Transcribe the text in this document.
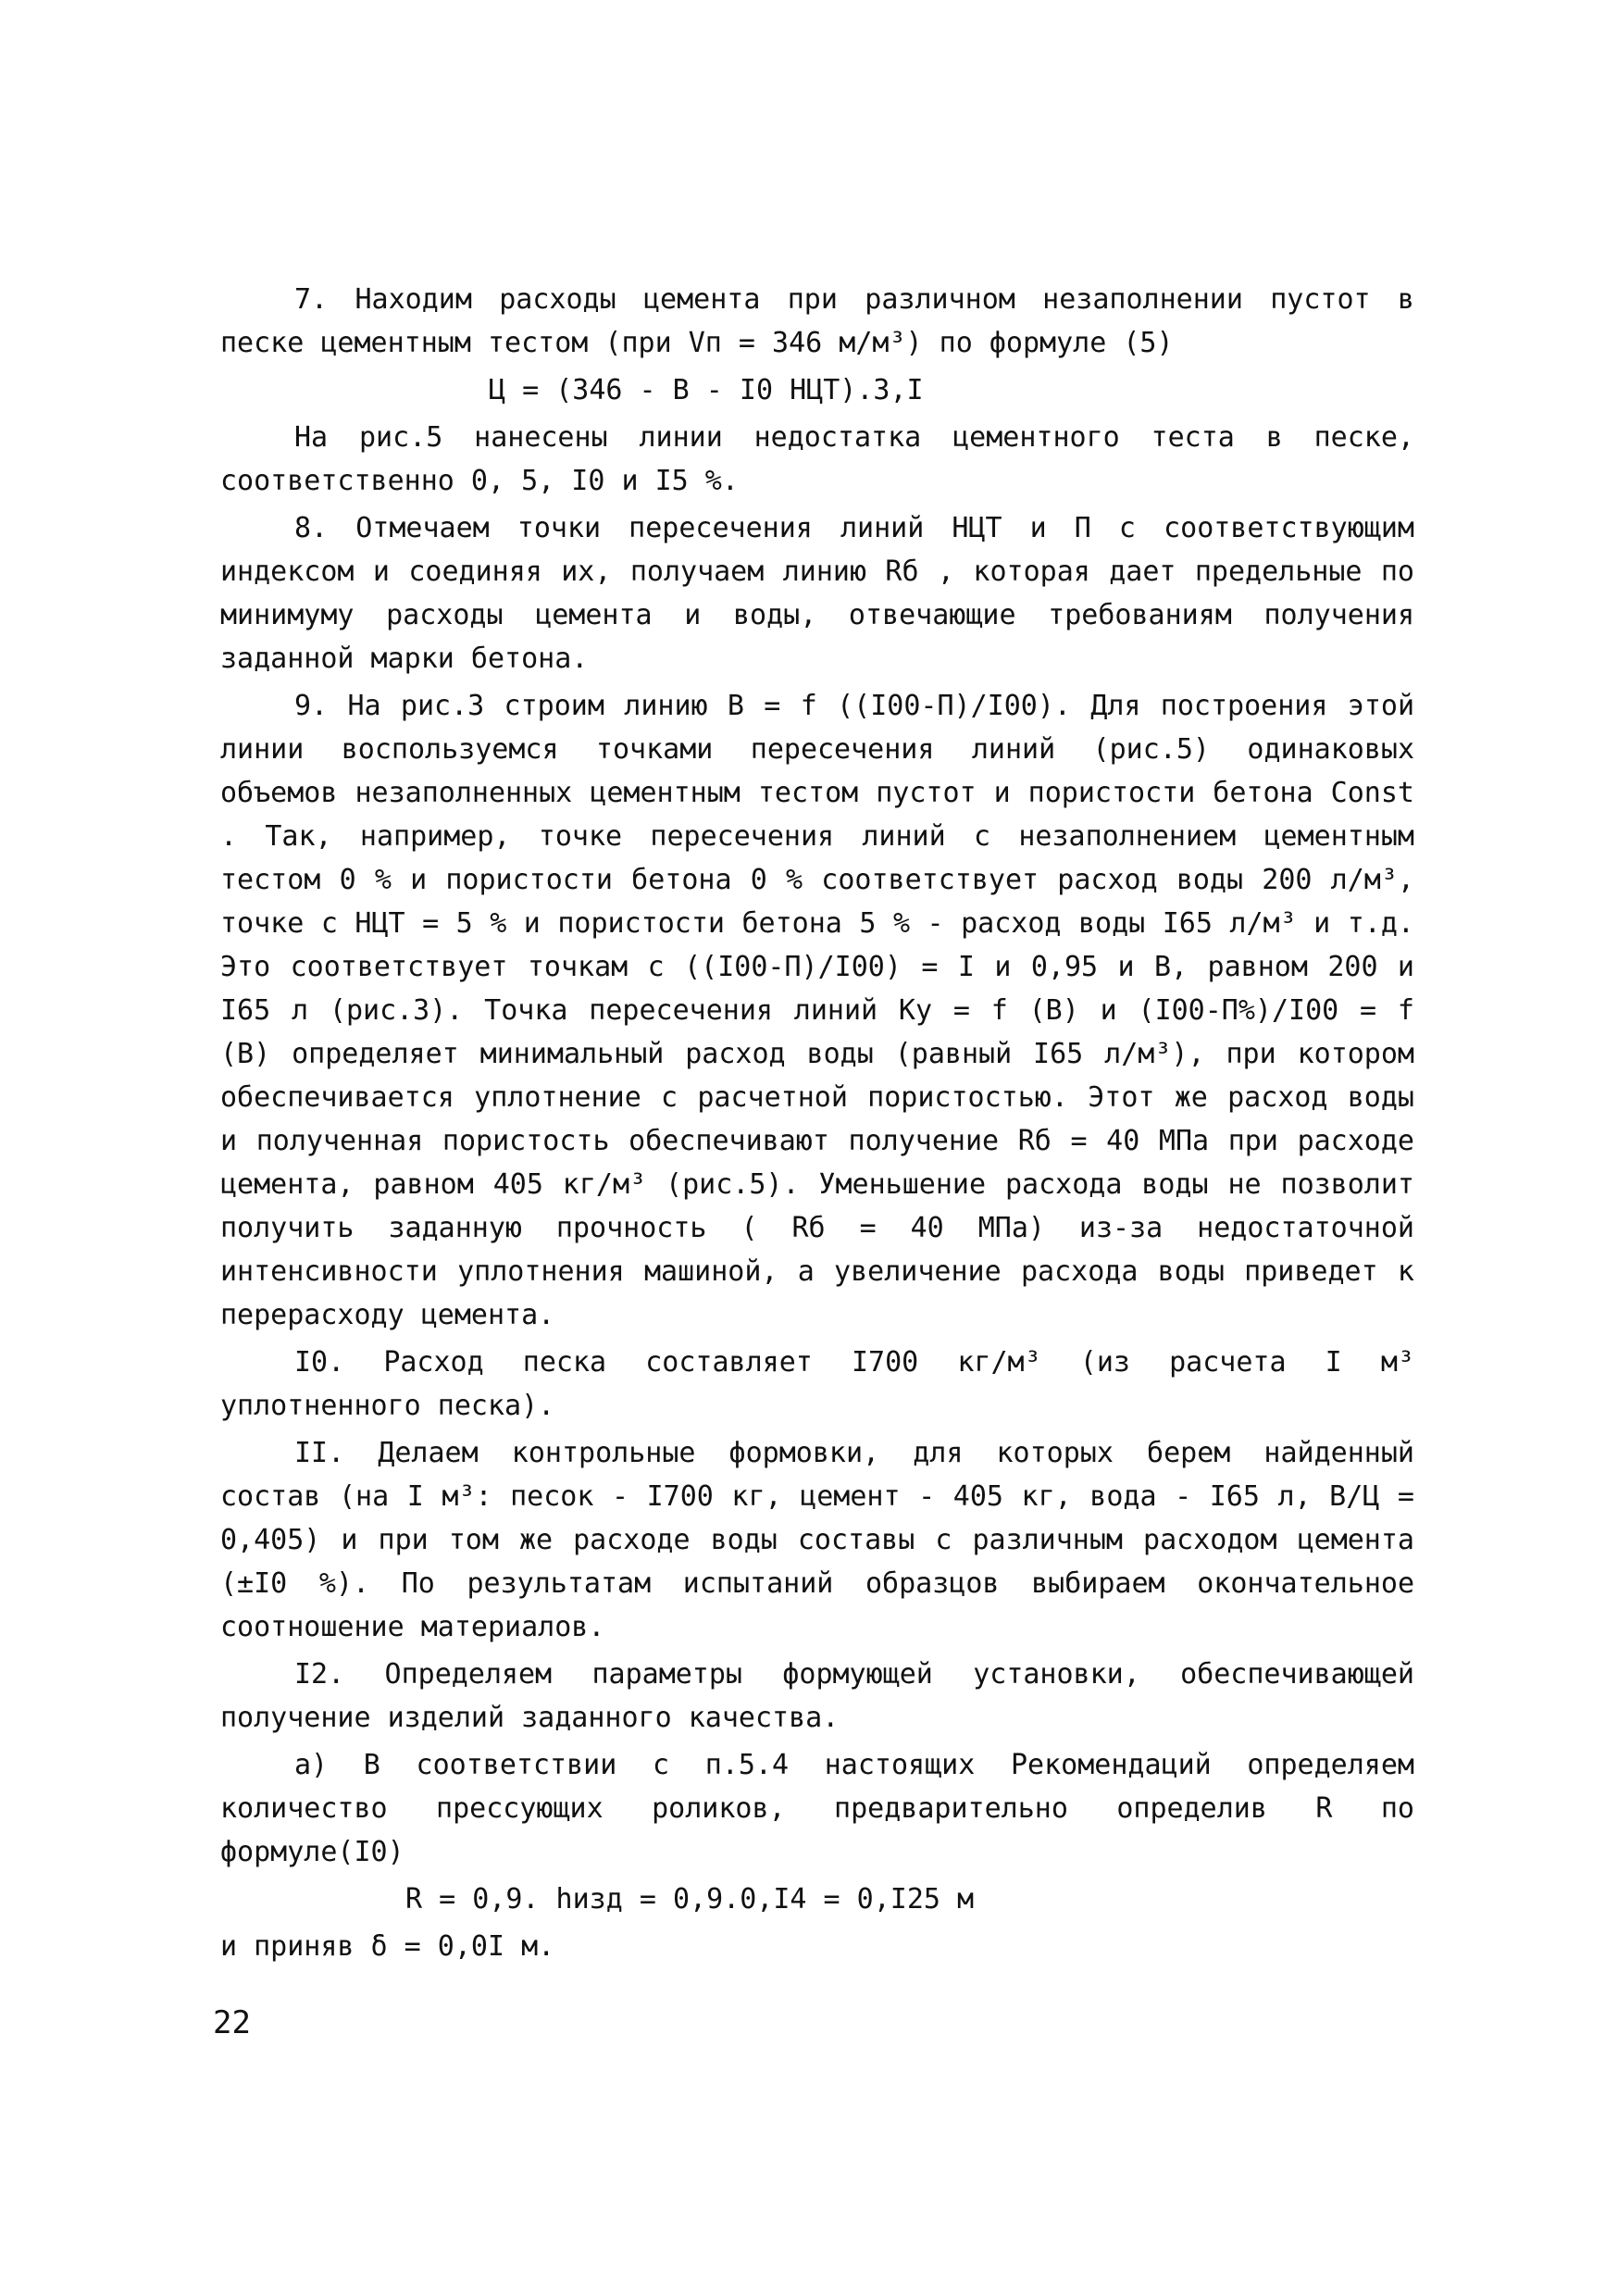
7. Находим расходы цемента при различном незаполнении пустот в песке цементным тестом (при Vп = 346 м/м³) по формуле (5)

Ц = (346 - В - I0 НЦТ).3,I

На рис.5 нанесены линии недостатка цементного теста в песке, соответственно 0, 5, I0 и I5 %.

8. Отмечаем точки пересечения линий НЦТ и П с соответствующим индексом и соединяя их, получаем линию Rб , которая дает предельные по минимуму расходы цемента и воды, отвечающие требованиям получения заданной марки бетона.

9. На рис.3 строим линию В = f ((I00-П)/I00). Для построения этой линии воспользуемся точками пересечения линий (рис.5) одинаковых объемов незаполненных цементным тестом пустот и пористости бетона Const . Так, например, точке пересечения линий с незаполнением цементным тестом 0 % и пористости бетона 0 % соответствует расход воды 200 л/м³, точке с НЦТ = 5 % и пористости бетона 5 % - расход воды I65 л/м³ и т.д. Это соответствует точкам с ((I00-П)/I00) = I и 0,95 и В, равном 200 и I65 л (рис.3). Точка пересечения линий Ку = f (В) и (I00-П%)/I00 = f (В) определяет минимальный расход воды (равный I65 л/м³), при котором обеспечивается уплотнение с расчетной пористостью. Этот же расход воды и полученная пористость обеспечивают получение Rб = 40 МПа при расходе цемента, равном 405 кг/м³ (рис.5). Уменьшение расхода воды не позволит получить заданную прочность ( Rб = 40 МПа) из-за недостаточной интенсивности уплотнения машиной, а увеличение расхода воды приведет к перерасходу цемента.

I0. Расход песка составляет I700 кг/м³ (из расчета I м³ уплотненного песка).

II. Делаем контрольные формовки, для которых берем найденный состав (на I м³: песок - I700 кг, цемент - 405 кг, вода - I65 л, В/Ц = 0,405) и при том же расходе воды составы с различным расходом цемента (±I0 %). По результатам испытаний образцов выбираем окончательное соотношение материалов.

I2. Определяем параметры формующей установки, обеспечивающей получение изделий заданного качества.

а) В соответствии с п.5.4 настоящих Рекомендаций определяем количество прессующих роликов, предварительно определив R по формуле(I0)

R = 0,9. hизд = 0,9.0,I4 = 0,I25 м

и приняв δ = 0,0I м.

22
